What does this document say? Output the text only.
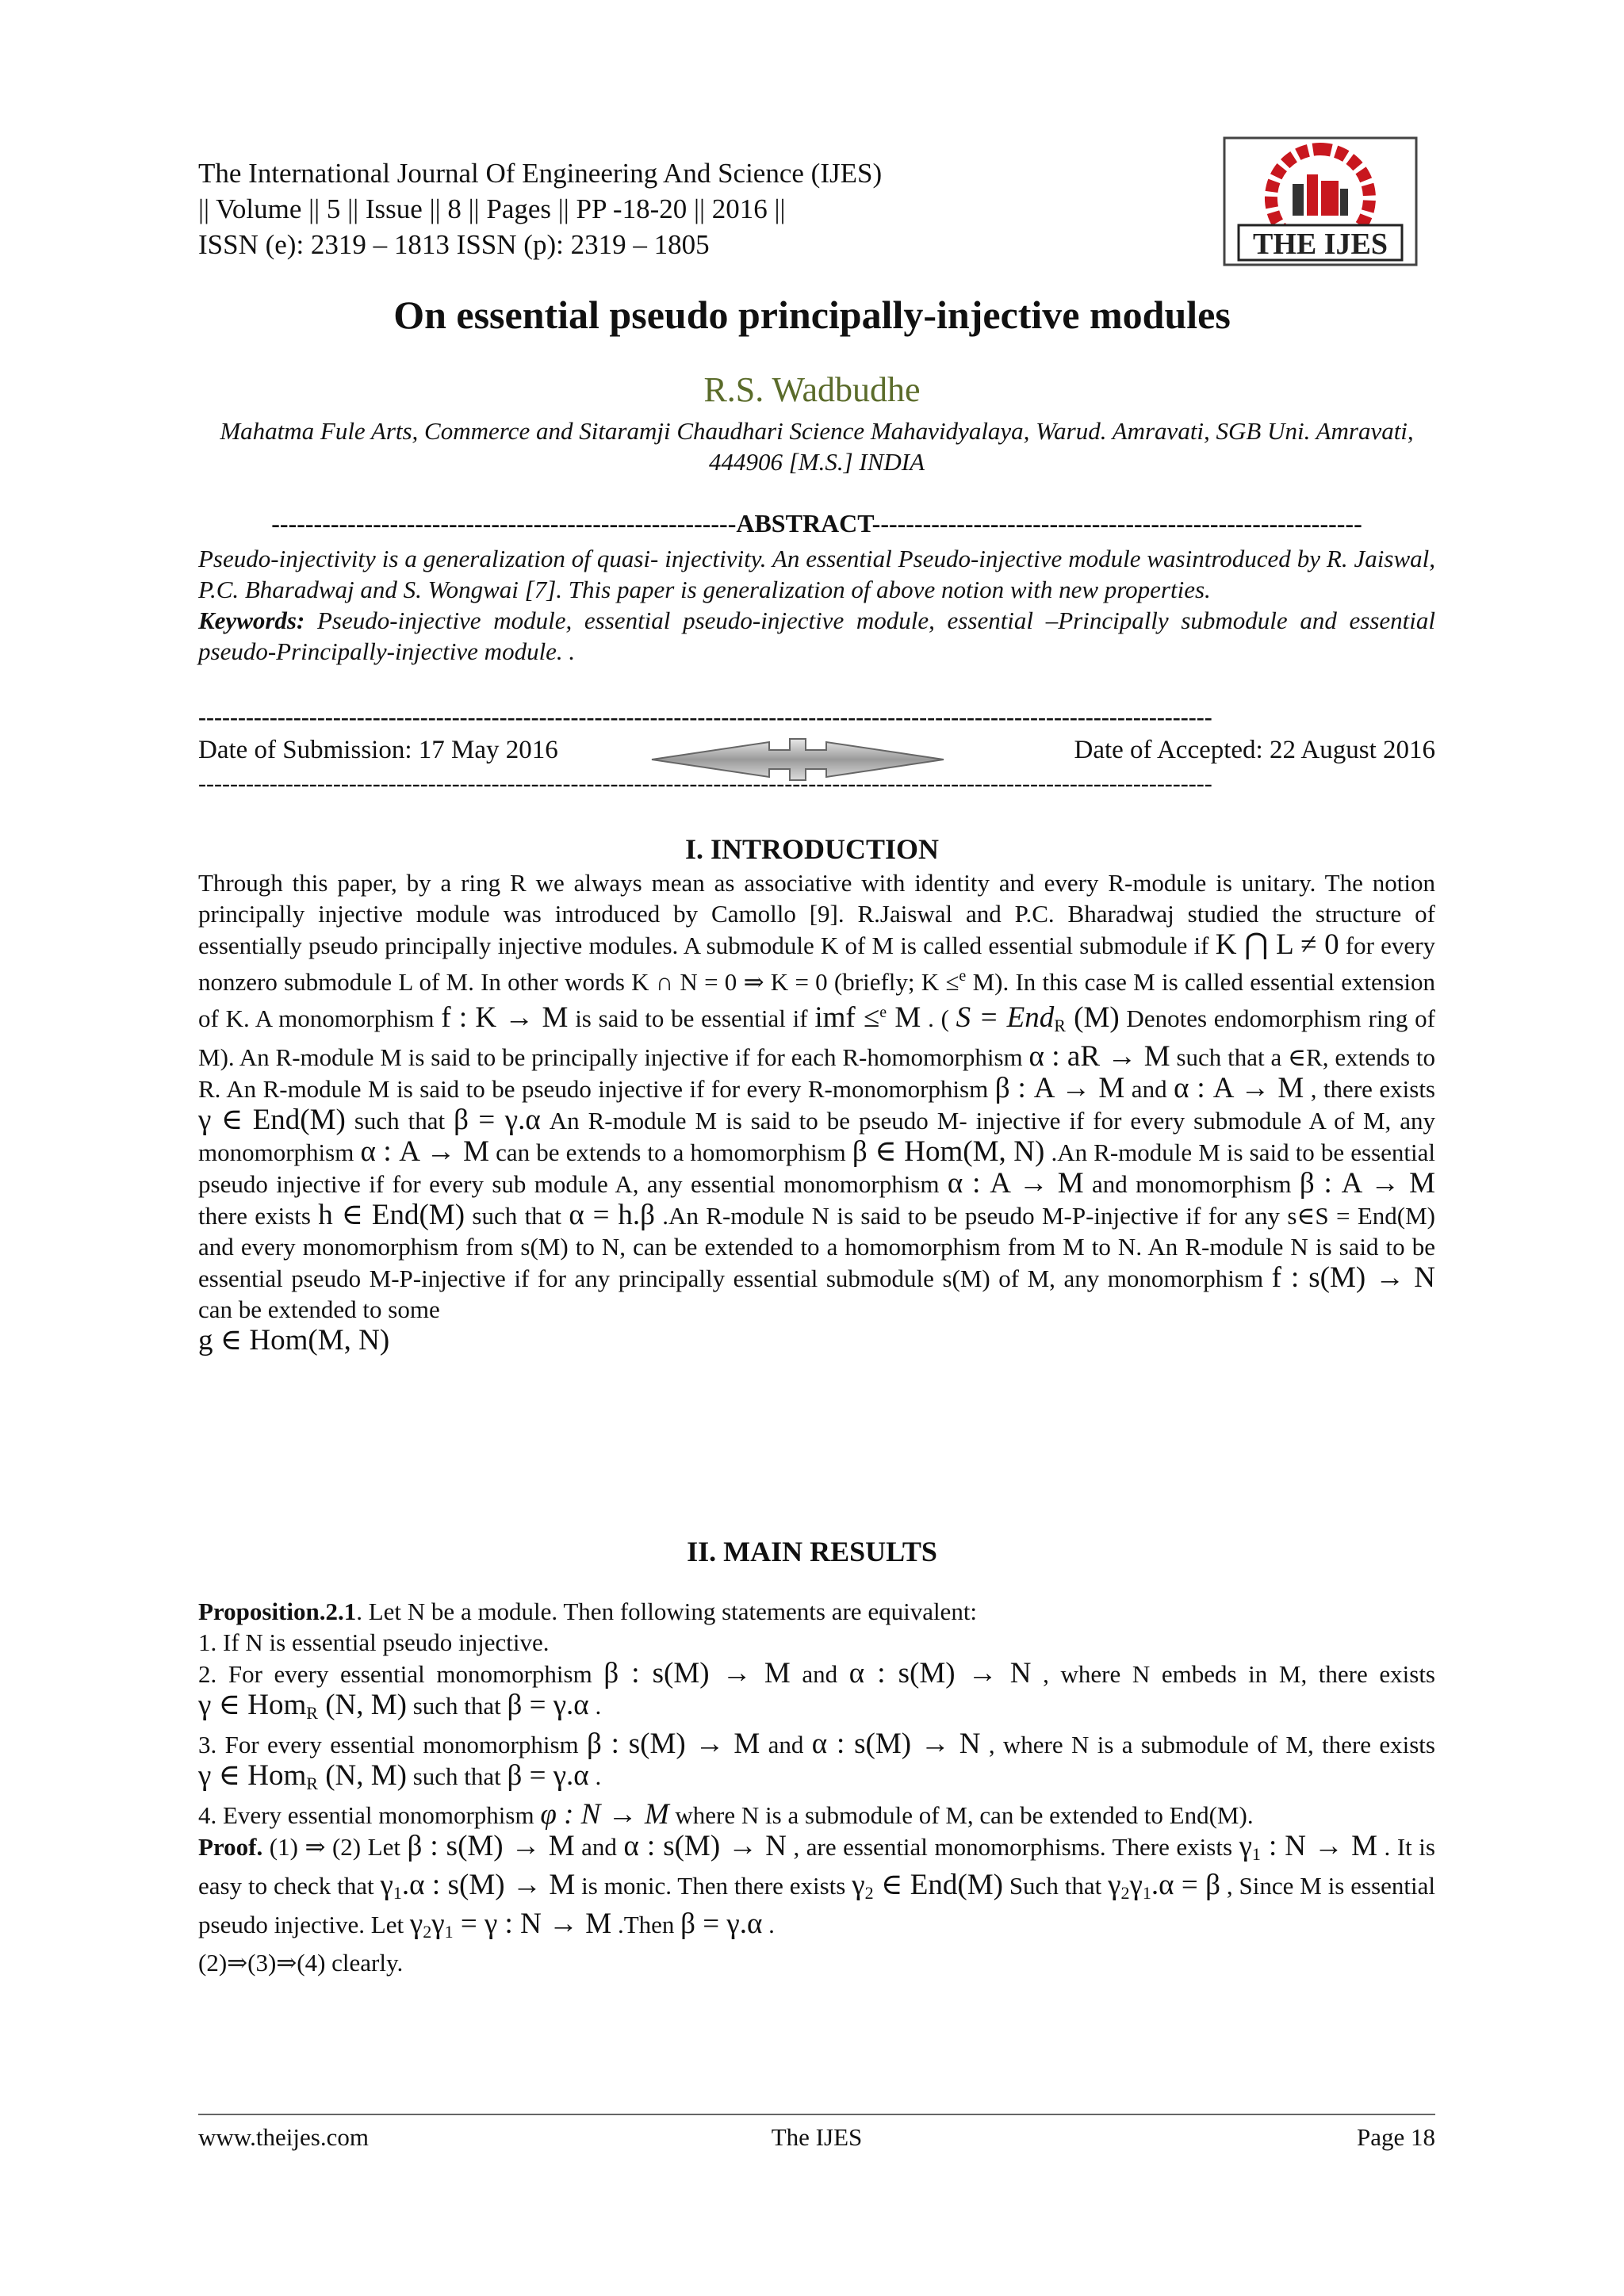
The International Journal Of Engineering And Science (IJES)
|| Volume || 5 || Issue || 8 || Pages || PP -18-20 || 2016 ||
ISSN (e): 2319 – 1813 ISSN (p): 2319 – 1805	THE IJES
On essential pseudo principally-injective modules
R.S. Wadbudhe
Mahatma Fule Arts, Commerce and Sitaramji Chaudhari Science Mahavidyalaya, Warud. Amravati, SGB Uni. Amravati, 444906 [M.S.] INDIA
-------------------------------------------------------ABSTRACT----------------------------------------------------------
Pseudo-injectivity is a generalization of quasi- injectivity. An essential Pseudo-injective module wasintroduced by R. Jaiswal, P.C. Bharadwaj and S. Wongwai [7]. This paper is generalization of above notion with new properties.
Keywords: Pseudo-injective module, essential pseudo-injective module, essential –Principally submodule and essential pseudo-Principally-injective module. .
--------------------------------------------------------------------------------------------------------------------------------
Date of Submission: 17 May 2016	Date of Accepted: 22 August 2016
--------------------------------------------------------------------------------------------------------------------------------
I. INTRODUCTION

Through this paper, by a ring R we always mean as associative with identity and every R-module is unitary. The notion principally injective module was introduced by Camollo [9]. R.Jaiswal and P.C. Bharadwaj studied the structure of essentially pseudo principally injective modules. A submodule K of M is called essential submodule if K ⋂ L ≠ 0 for every nonzero submodule L of M. In other words K ∩ N = 0 ⇒ K = 0 (briefly; K ≤$^e$ M). In this case M is called essential extension of K. A monomorphism f : K → M is said to be essential if imf ≤$^e$ M . ( S = End$_R$ (M) Denotes endomorphism ring of M). An R-module M is said to be principally injective if for each R-homomorphism α : aR → M such that a ∈R, extends to R. An R-module M is said to be pseudo injective if for every R-monomorphism β : A → M and α : A → M , there exists γ ∈ End(M) such that β = γ.α An R-module M is said to be pseudo M- injective if for every submodule A of M, any monomorphism α : A → M can be extends to a homomorphism β ∈ Hom(M, N) .An R-module M is said to be essential pseudo injective if for every sub module A, any essential monomorphism α : A → M and monomorphism β : A → M there exists h ∈ End(M) such that α = h.β .An R-module N is said to be pseudo M-P-injective if for any s∈S = End(M) and every monomorphism from s(M) to N, can be extended to a homomorphism from M to N. An R-module N is said to be essential pseudo M-P-injective if for any principally essential submodule s(M) of M, any monomorphism f : s(M) → N can be extended to some
g ∈ Hom(M, N)

II. MAIN RESULTS

Proposition.2.1. Let N be a module. Then following statements are equivalent:

1. If N is essential pseudo injective.

2. For every essential monomorphism β : s(M) → M and α : s(M) → N , where N embeds in M, there exists γ ∈ Hom$_R$ (N, M) such that β = γ.α .

3. For every essential monomorphism β : s(M) → M and α : s(M) → N , where N is a submodule of M, there exists γ ∈ Hom$_R$ (N, M) such that β = γ.α .

4. Every essential monomorphism φ : N → M where N is a submodule of M, can be extended to End(M).

Proof. (1) ⇒ (2) Let β : s(M) → M and α : s(M) → N , are essential monomorphisms. There exists $\gamma_1$ : N → M . It is easy to check that $\gamma_1.\alpha$ : s(M) → M is monic. Then there exists $\gamma_2$ ∈ End(M) Such that $\gamma_2\gamma_1.\alpha = \beta$ , Since M is essential pseudo injective. Let $\gamma_2\gamma_1 = \gamma$ : N → M .Then β = γ.α .

(2)⇒(3)⇒(4) clearly.

www.theijes.com	The IJES	Page 18
